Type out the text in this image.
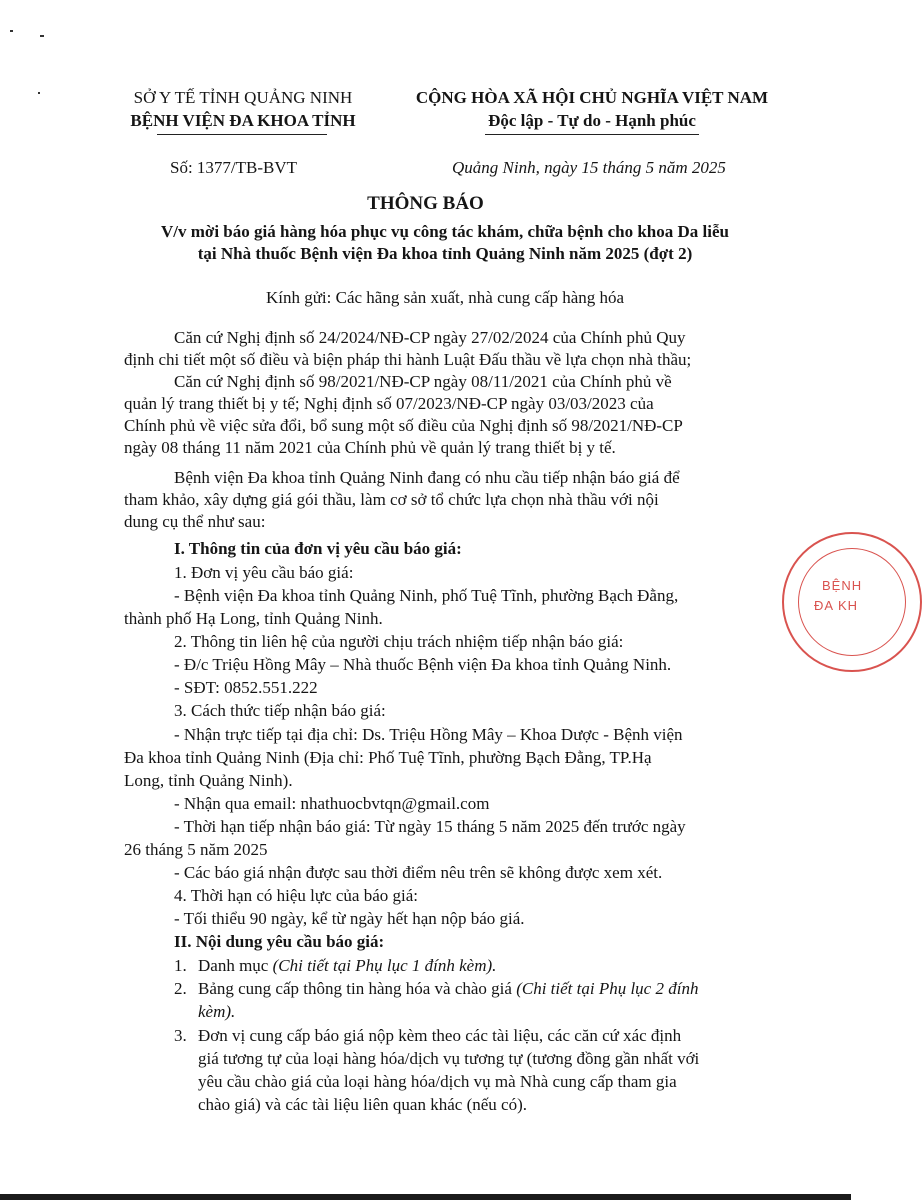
SỞ Y TẾ TỈNH QUẢNG NINH
BỆNH VIỆN ĐA KHOA TỈNH
CỘNG HÒA XÃ HỘI CHỦ NGHĨA VIỆT NAM
Độc lập - Tự do - Hạnh phúc
Số: 1377/TB-BVT	Quảng Ninh, ngày 15 tháng 5 năm 2025
THÔNG BÁO
V/v mời báo giá hàng hóa phục vụ công tác khám, chữa bệnh cho khoa Da liễu
tại Nhà thuốc Bệnh viện Đa khoa tỉnh Quảng Ninh năm 2025 (đợt 2)
Kính gửi: Các hãng sản xuất, nhà cung cấp hàng hóa
Căn cứ Nghị định số 24/2024/NĐ-CP ngày 27/02/2024 của Chính phủ Quy
định chi tiết một số điều và biện pháp thi hành Luật Đấu thầu về lựa chọn nhà thầu;
Căn cứ Nghị định số 98/2021/NĐ-CP ngày 08/11/2021 của Chính phủ về
quản lý trang thiết bị y tế; Nghị định số 07/2023/NĐ-CP ngày 03/03/2023 của
Chính phủ về việc sửa đổi, bổ sung một số điều của Nghị định số 98/2021/NĐ-CP
ngày 08 tháng 11 năm 2021 của Chính phủ về quản lý trang thiết bị y tế.
Bệnh viện Đa khoa tỉnh Quảng Ninh đang có nhu cầu tiếp nhận báo giá để
tham khảo, xây dựng giá gói thầu, làm cơ sở tổ chức lựa chọn nhà thầu với nội
dung cụ thể như sau:
I. Thông tin của đơn vị yêu cầu báo giá:
1. Đơn vị yêu cầu báo giá:
- Bệnh viện Đa khoa tỉnh Quảng Ninh, phố Tuệ Tĩnh, phường Bạch Đằng,
thành phố Hạ Long, tỉnh Quảng Ninh.
2. Thông tin liên hệ của người chịu trách nhiệm tiếp nhận báo giá:
- Đ/c Triệu Hồng Mây – Nhà thuốc Bệnh viện Đa khoa tỉnh Quảng Ninh.
- SĐT: 0852.551.222
3. Cách thức tiếp nhận báo giá:
- Nhận trực tiếp tại địa chỉ: Ds. Triệu Hồng Mây – Khoa Dược - Bệnh viện
Đa khoa tỉnh Quảng Ninh (Địa chỉ: Phố Tuệ Tĩnh, phường Bạch Đằng, TP.Hạ
Long, tỉnh Quảng Ninh).
- Nhận qua email: nhathuocbvtqn@gmail.com
- Thời hạn tiếp nhận báo giá: Từ ngày 15 tháng 5 năm 2025 đến trước ngày
26 tháng 5 năm 2025
- Các báo giá nhận được sau thời điểm nêu trên sẽ không được xem xét.
4. Thời hạn có hiệu lực của báo giá:
- Tối thiểu 90 ngày, kể từ ngày hết hạn nộp báo giá.
II. Nội dung yêu cầu báo giá:
1. Danh mục (Chi tiết tại Phụ lục 1 đính kèm).
2. Bảng cung cấp thông tin hàng hóa và chào giá (Chi tiết tại Phụ lục 2 đính
kèm).
3. Đơn vị cung cấp báo giá nộp kèm theo các tài liệu, các căn cứ xác định
giá tương tự của loại hàng hóa/dịch vụ tương tự (tương đồng gần nhất với
yêu cầu chào giá của loại hàng hóa/dịch vụ mà Nhà cung cấp tham gia
chào giá) và các tài liệu liên quan khác (nếu có).
BỆNH
ĐA KH
